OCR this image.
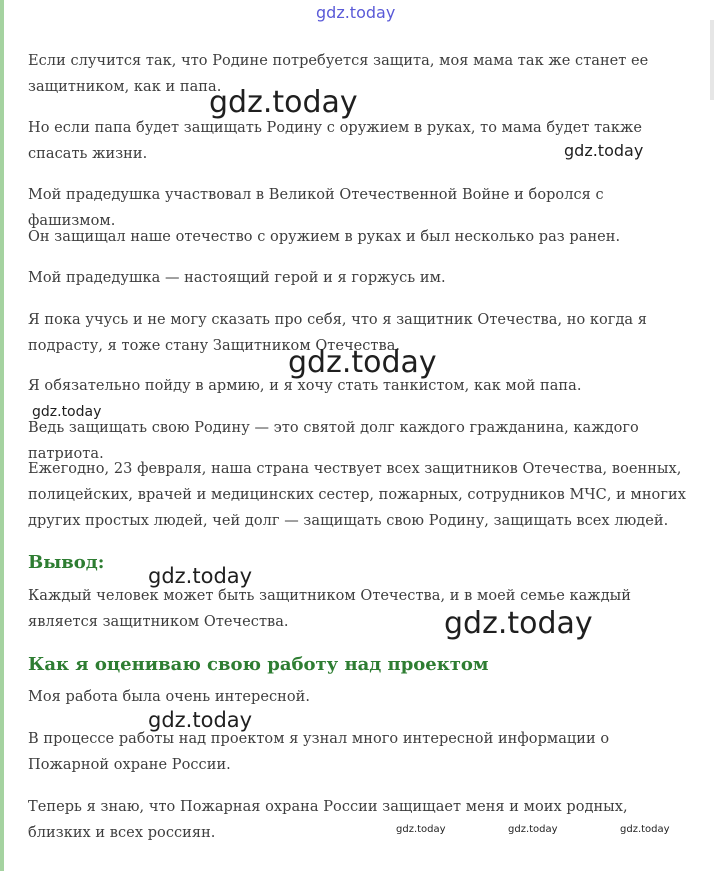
gdz.today

Если случится так, что Родине потребуется защита, моя мама так же станет ее защитником, как и папа.

Но если папа будет защищать Родину с оружием в руках, то мама будет также спасать жизни.

Мой прадедушка участвовал в Великой Отечественной Войне и боролся с фашизмом.

Он защищал наше отечество с оружием в руках и был несколько раз ранен.

Мой прадедушка — настоящий герой и я горжусь им.

Я пока учусь и не могу сказать про себя, что я защитник Отечества, но когда я подрасту, я тоже стану Защитником Отечества.

Я обязательно пойду в армию, и я хочу стать танкистом, как мой папа.

Ведь защищать свою Родину — это святой долг каждого гражданина, каждого патриота.

Ежегодно, 23 февраля, наша страна чествует всех защитников Отечества, военных, полицейских, врачей и медицинских сестер, пожарных, сотрудников МЧС, и многих других простых людей, чей долг — защищать свою Родину, защищать всех людей.

Вывод:

Каждый человек может быть защитником Отечества, и в моей семье каждый является защитником Отечества.

Как я оцениваю свою работу над проектом

Моя работа была очень интересной.

В процессе работы над проектом я узнал много интересной информации о Пожарной охране России.

Теперь я знаю, что Пожарная охрана России защищает меня и моих родных, близких и всех россиян.

gdz.today
gdz.today
gdz.today
gdz.today
gdz.today
gdz.today
gdz.today
gdz.today	gdz.today	gdz.today
